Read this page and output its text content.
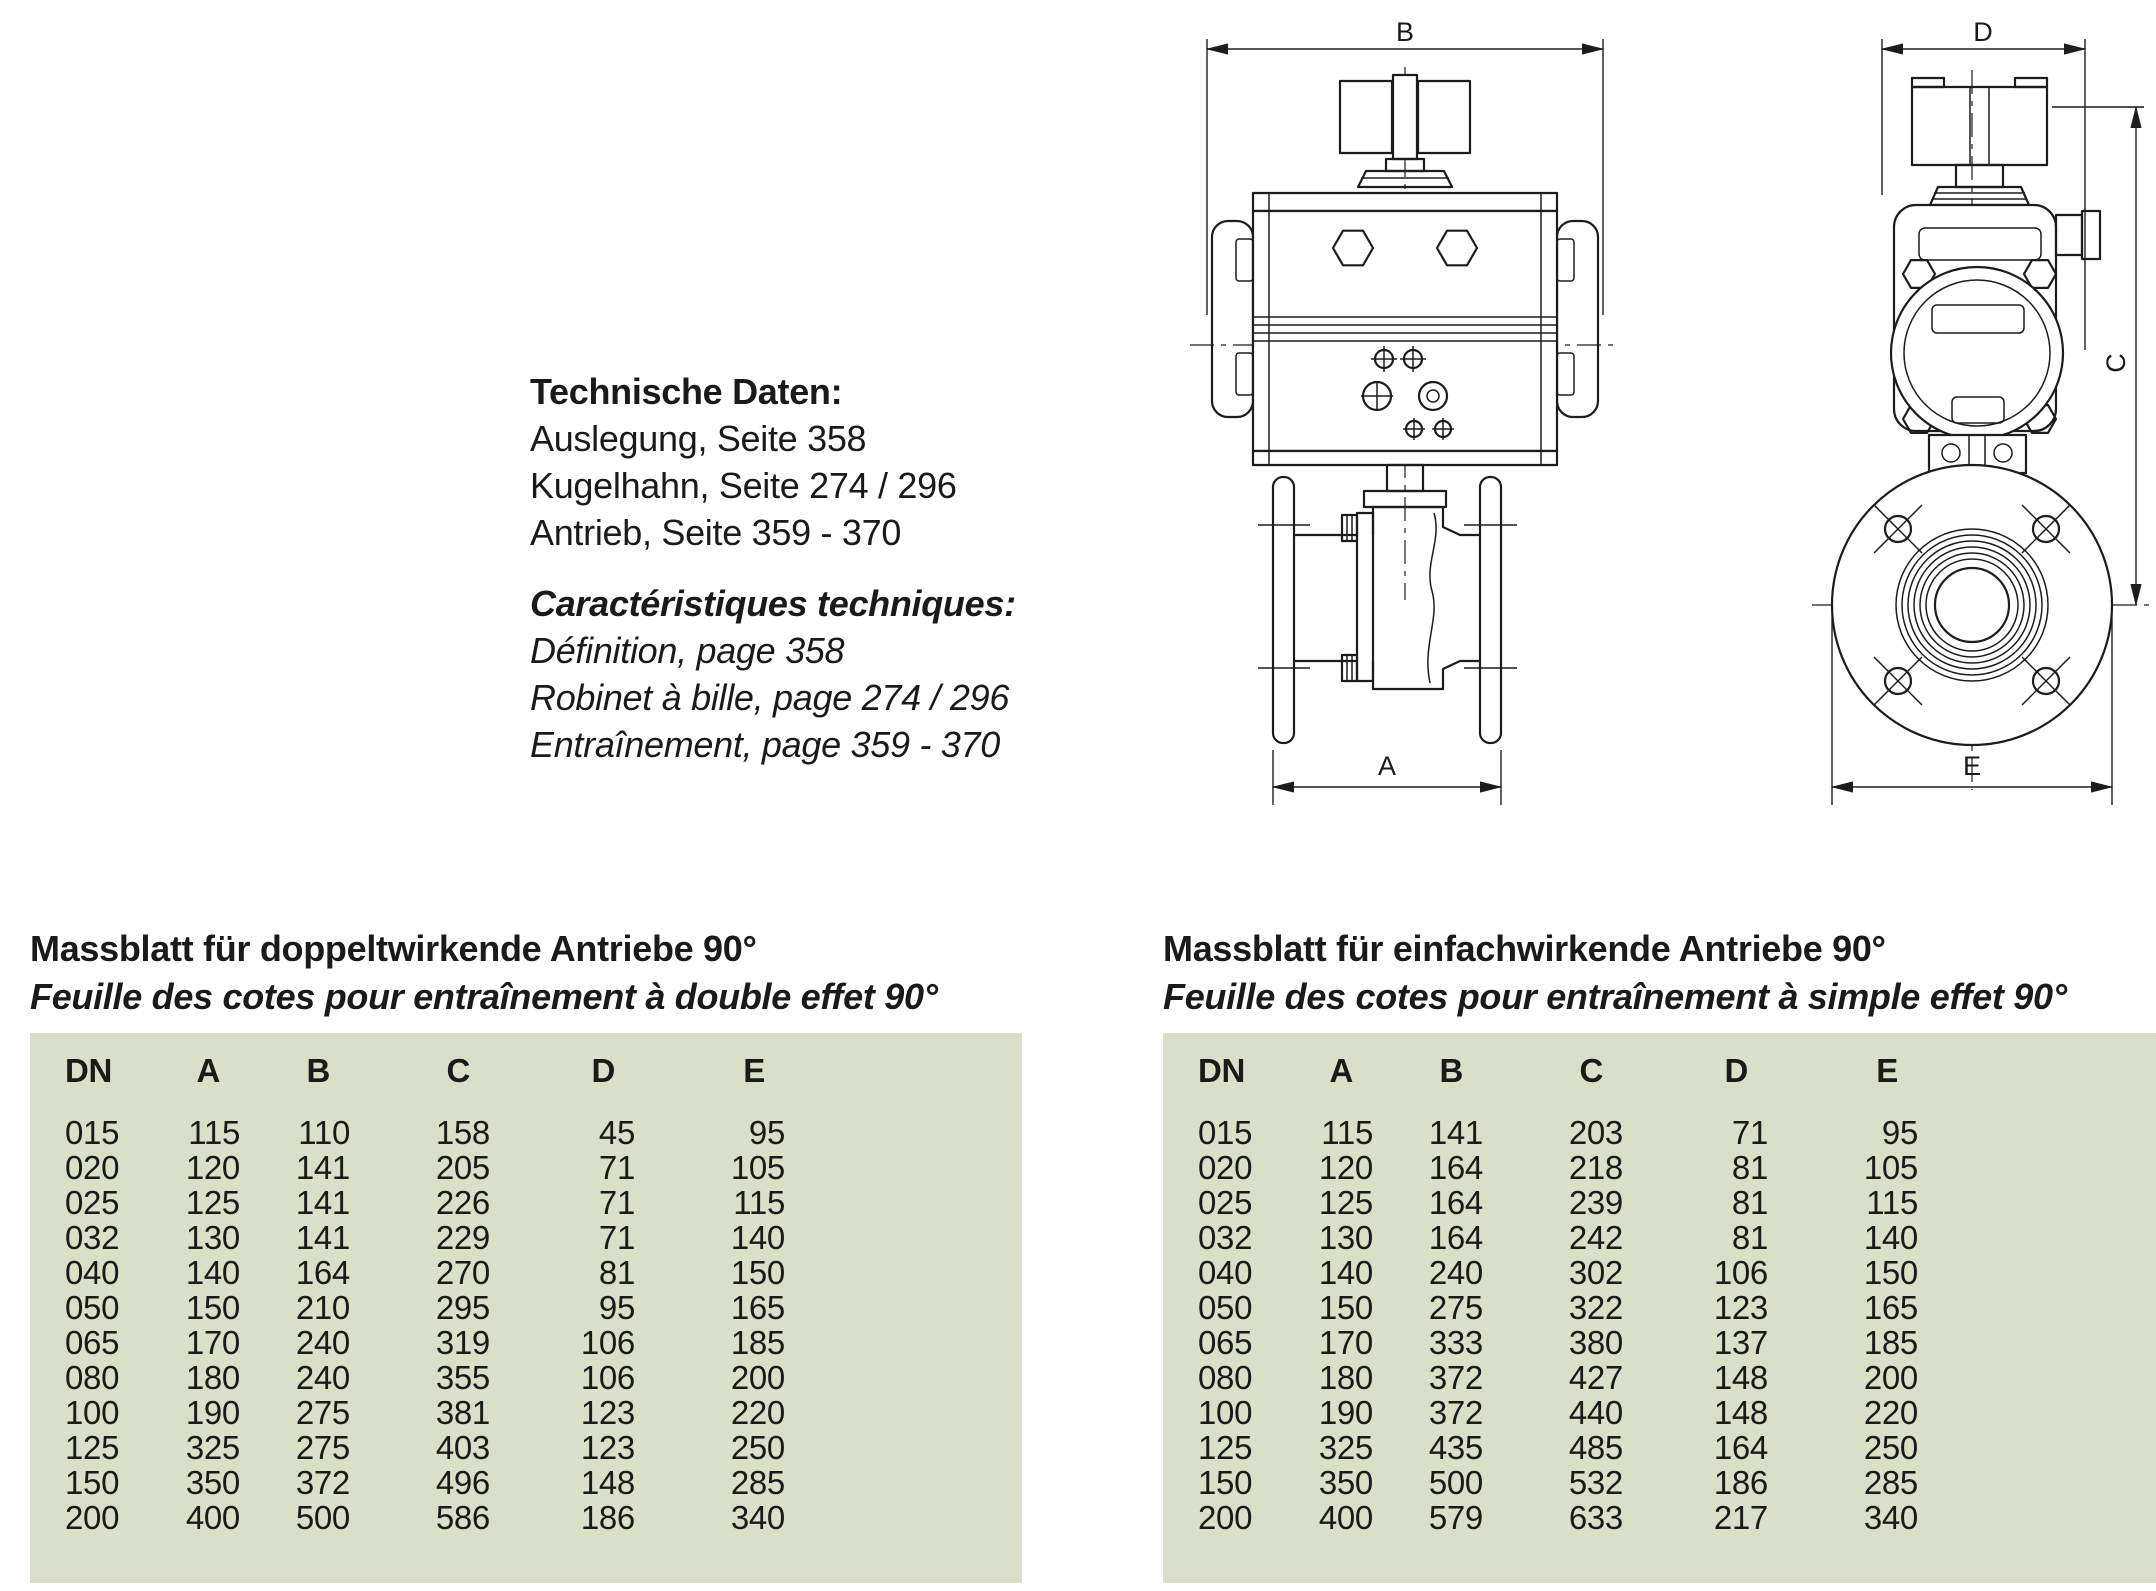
Technische Daten:

Auslegung, Seite 358

Kugelhahn, Seite 274 / 296

Antrieb, Seite 359 - 370

Caractéristiques techniques:

Définition, page 358

Robinet à bille, page 274 / 296

Entraînement, page 359 - 370

B
A
D
C
E

Massblatt für doppeltwirkende Antriebe 90°

Feuille des cotes pour entraînement à double effet 90°

DN	A	B	C	D	E
015	115	110	158	45	95
020	120	141	205	71	105
025	125	141	226	71	115
032	130	141	229	71	140
040	140	164	270	81	150
050	150	210	295	95	165
065	170	240	319	106	185
080	180	240	355	106	200
100	190	275	381	123	220
125	325	275	403	123	250
150	350	372	496	148	285
200	400	500	586	186	340

Massblatt für einfachwirkende Antriebe 90°

Feuille des cotes pour entraînement à simple effet 90°

DN	A	B	C	D	E
015	115	141	203	71	95
020	120	164	218	81	105
025	125	164	239	81	115
032	130	164	242	81	140
040	140	240	302	106	150
050	150	275	322	123	165
065	170	333	380	137	185
080	180	372	427	148	200
100	190	372	440	148	220
125	325	435	485	164	250
150	350	500	532	186	285
200	400	579	633	217	340
